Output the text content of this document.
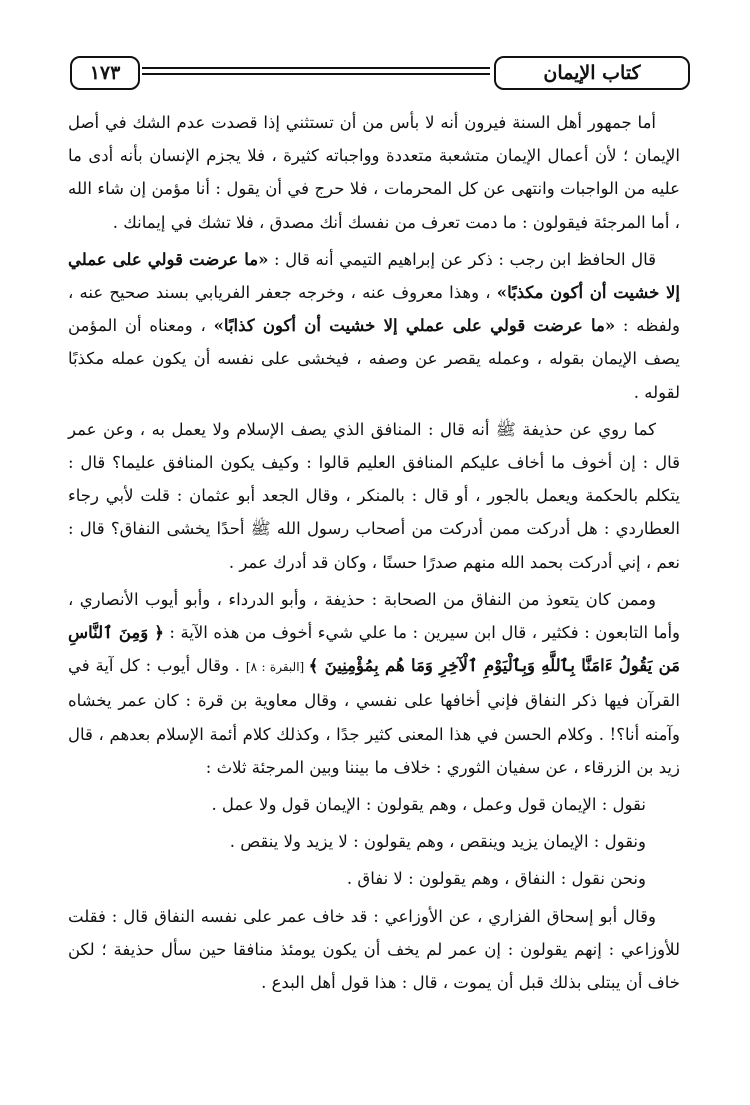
كتاب الإيمان
١٧٣

أما جمهور أهل السنة فيرون أنه لا بأس من أن تستثني إذا قصدت عدم الشك في أصل الإيمان ؛ لأن أعمال الإيمان متشعبة متعددة وواجباته كثيرة ، فلا يجزم الإنسان بأنه أدى ما عليه من الواجبات وانتهى عن كل المحرمات ، فلا حرج في أن يقول : أنا مؤمن إن شاء الله ، أما المرجئة فيقولون : ما دمت تعرف من نفسك أنك مصدق ، فلا تشك في إيمانك .

قال الحافظ ابن رجب : ذكر عن إبراهيم التيمي أنه قال : «ما عرضت قولي على عملي إلا خشيت أن أكون مكذبًا» ، وهذا معروف عنه ، وخرجه جعفر الفريابي بسند صحيح عنه ، ولفظه : «ما عرضت قولي على عملي إلا خشيت أن أكون كذابًا» ، ومعناه أن المؤمن يصف الإيمان بقوله ، وعمله يقصر عن وصفه ، فيخشى على نفسه أن يكون عمله مكذبًا لقوله .

كما روي عن حذيفة ﷺ أنه قال : المنافق الذي يصف الإسلام ولا يعمل به ، وعن عمر قال : إن أخوف ما أخاف عليكم المنافق العليم قالوا : وكيف يكون المنافق عليما؟ قال : يتكلم بالحكمة ويعمل بالجور ، أو قال : بالمنكر ، وقال الجعد أبو عثمان : قلت لأبي رجاء العطاردي : هل أدركت ممن أدركت من أصحاب رسول الله ﷺ أحدًا يخشى النفاق؟ قال : نعم ، إني أدركت بحمد الله منهم صدرًا حسنًا ، وكان قد أدرك عمر .

وممن كان يتعوذ من النفاق من الصحابة : حذيفة ، وأبو الدرداء ، وأبو أيوب الأنصاري ، وأما التابعون : فكثير ، قال ابن سيرين : ما علي شيء أخوف من هذه الآية : ﴿ وَمِنَ ٱلنَّاسِ مَن يَقُولُ ءَامَنَّا بِٱللَّهِ وَبِٱلْيَوْمِ ٱلْآخِرِ وَمَا هُم بِمُؤْمِنِينَ ﴾ [البقرة : ٨] . وقال أيوب : كل آية في القرآن فيها ذكر النفاق فإني أخافها على نفسي ، وقال معاوية بن قرة : كان عمر يخشاه وآمنه أنا؟! . وكلام الحسن في هذا المعنى كثير جدًا ، وكذلك كلام أئمة الإسلام بعدهم ، قال زيد بن الزرقاء ، عن سفيان الثوري : خلاف ما بيننا وبين المرجئة ثلاث :

نقول : الإيمان قول وعمل ، وهم يقولون : الإيمان قول ولا عمل .

ونقول : الإيمان يزيد وينقص ، وهم يقولون : لا يزيد ولا ينقص .

ونحن نقول : النفاق ، وهم يقولون : لا نفاق .

وقال أبو إسحاق الفزاري ، عن الأوزاعي : قد خاف عمر على نفسه النفاق قال : فقلت للأوزاعي : إنهم يقولون : إن عمر لم يخف أن يكون يومئذ منافقا حين سأل حذيفة ؛ لكن خاف أن يبتلى بذلك قبل أن يموت ، قال : هذا قول أهل البدع .
